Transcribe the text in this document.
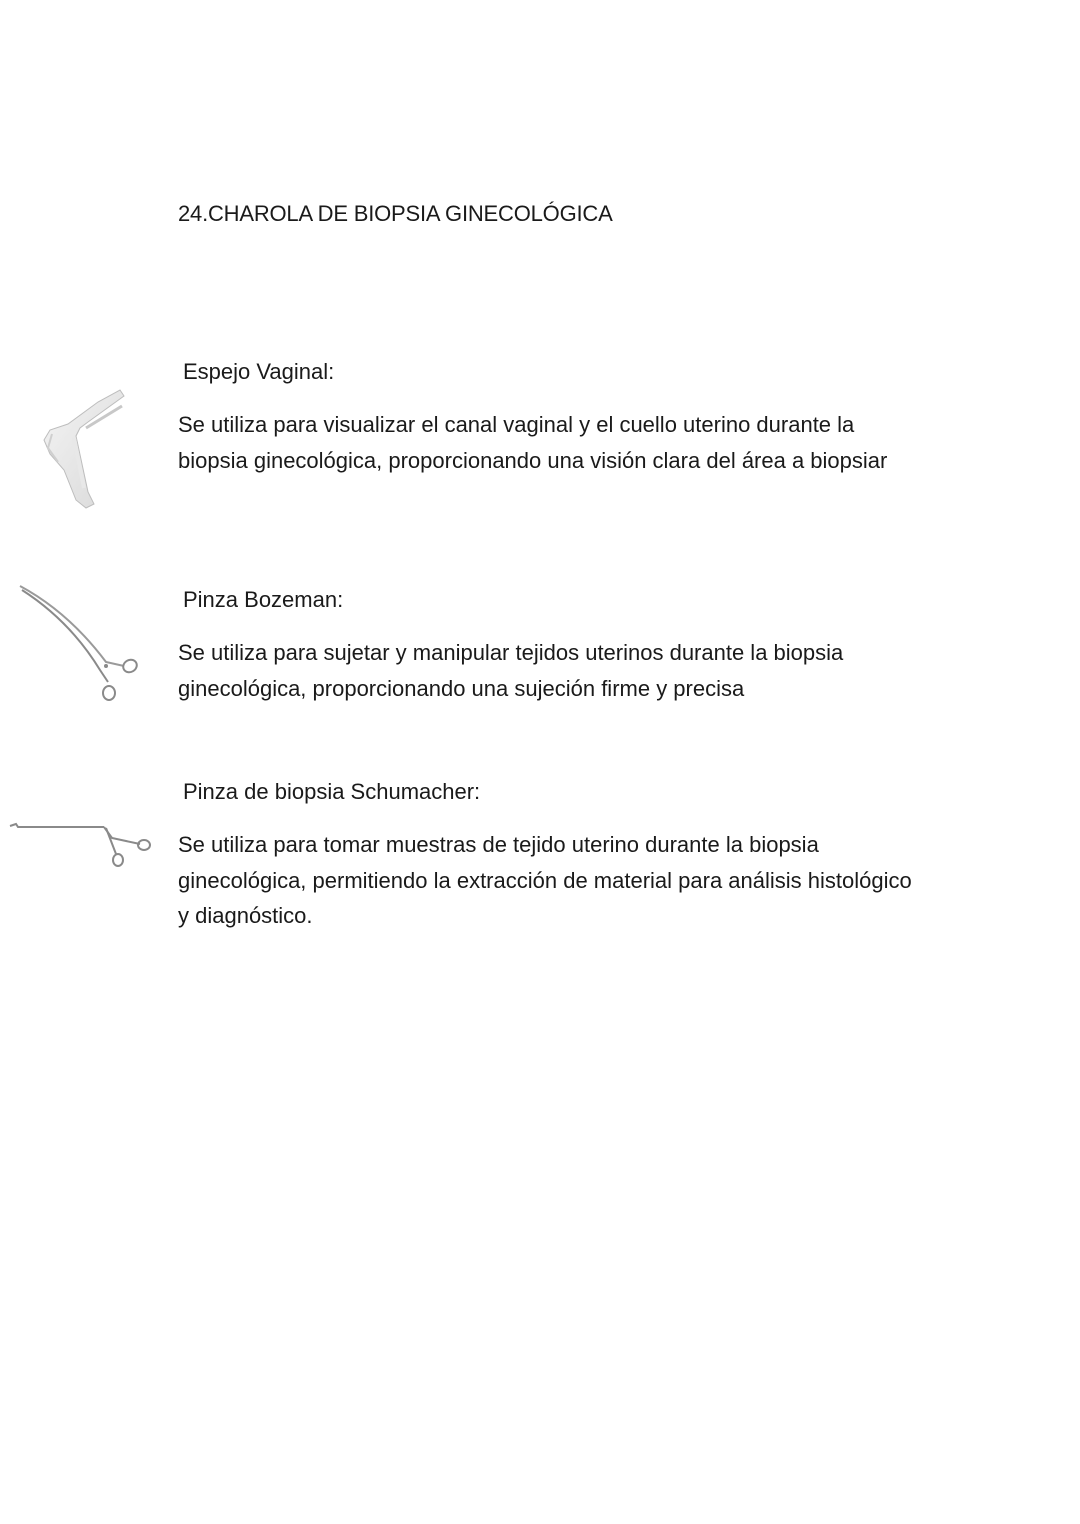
24.CHAROLA DE BIOPSIA GINECOLÓGICA
Espejo Vaginal:
Se utiliza para visualizar el canal vaginal y el cuello uterino durante la biopsia ginecológica, proporcionando una visión clara del área a biopsiar
Pinza Bozeman:
Se utiliza para sujetar y manipular tejidos uterinos durante la biopsia ginecológica, proporcionando una sujeción firme y precisa
Pinza de biopsia Schumacher:
Se utiliza para tomar muestras de tejido uterino durante la biopsia ginecológica, permitiendo la extracción de material para análisis histológico y diagnóstico.
